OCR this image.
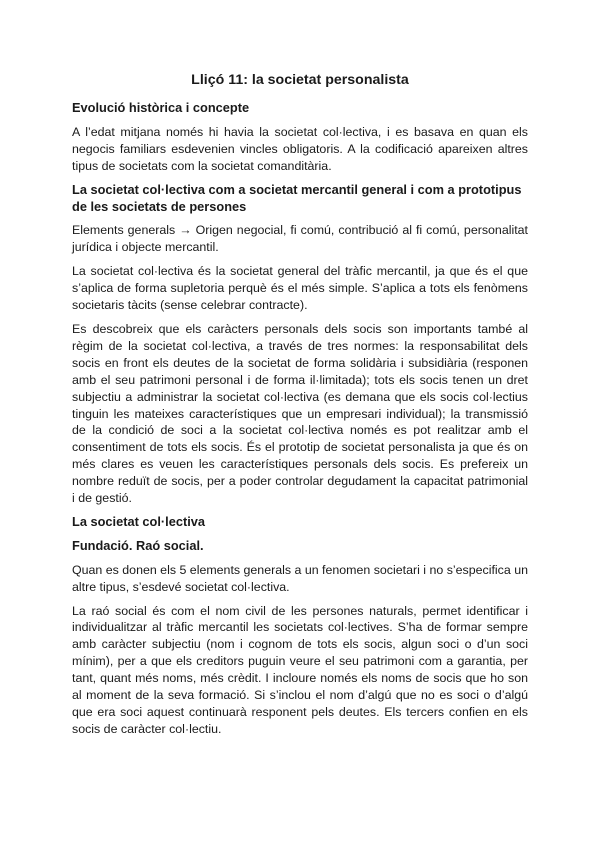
Lliçó 11: la societat personalista
Evolució històrica i concepte

A l’edat mitjana només hi havia la societat col·lectiva, i es basava en quan els negocis familiars esdevenien vincles obligatoris. A la codificació apareixen altres tipus de societats com la societat comanditària.

La societat col·lectiva com a societat mercantil general i com a prototipus de les societats de persones

Elements generals → Origen negocial, fi comú, contribució al fi comú, personalitat jurídica i objecte mercantil.

La societat col·lectiva és la societat general del tràfic mercantil, ja que és el que s’aplica de forma supletoria perquè és el més simple. S’aplica a tots els fenòmens societaris tàcits (sense celebrar contracte).

Es descobreix que els caràcters personals dels socis son importants també al règim de la societat col·lectiva, a través de tres normes: la responsabilitat dels socis en front els deutes de la societat de forma solidària i subsidiària (responen amb el seu patrimoni personal i de forma il·limitada); tots els socis tenen un dret subjectiu a administrar la societat col·lectiva (es demana que els socis col·lectius tinguin les mateixes característiques que un empresari individual); la transmissió de la condició de soci a la societat col·lectiva només es pot realitzar amb el consentiment de tots els socis. És el prototip de societat personalista ja que és on més clares es veuen les característiques personals dels socis. Es prefereix un nombre reduït de socis, per a poder controlar degudament la capacitat patrimonial i de gestió.

La societat col·lectiva
Fundació. Raó social.

Quan es donen els 5 elements generals a un fenomen societari i no s’especifica un altre tipus, s’esdevé societat col·lectiva.

La raó social és com el nom civil de les persones naturals, permet identificar i individualitzar al tràfic mercantil les societats col·lectives. S’ha de formar sempre amb caràcter subjectiu (nom i cognom de tots els socis, algun soci o d’un soci mínim), per a que els creditors puguin veure el seu patrimoni com a garantia, per tant, quant més noms, més crèdit. I incloure només els noms de socis que ho son al moment de la seva formació. Si s’inclou el nom d’algú que no es soci o d’algú que era soci aquest continuarà responent pels deutes. Els tercers confien en els socis de caràcter col·lectiu.
